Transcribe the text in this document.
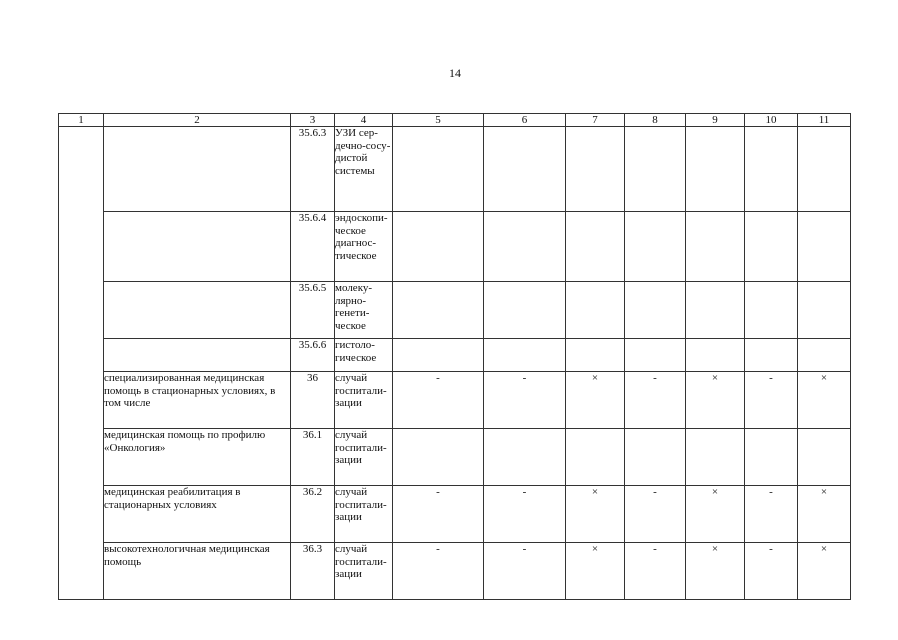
14
1	2	3	4	5	6	7	8	9	10	11
		35.6.3	УЗИ сердечно-сосудистой системы							
		35.6.4	эндоскопическое диагностическое							
		35.6.5	молекулярно-генетическое							
		35.6.6	гистологическое							
	специализированная медицинская помощь в стационарных условиях, в том числе	36	случай госпитализации	-	-	×	-	×	-	×
	медицинская помощь по профилю «Онкология»	36.1	случай госпитализации							
	медицинская реабилитация в стационарных условиях	36.2	случай госпитализации	-	-	×	-	×	-	×
	высокотехнологичная медицинская помощь	36.3	случай госпитализации	-	-	×	-	×	-	×
